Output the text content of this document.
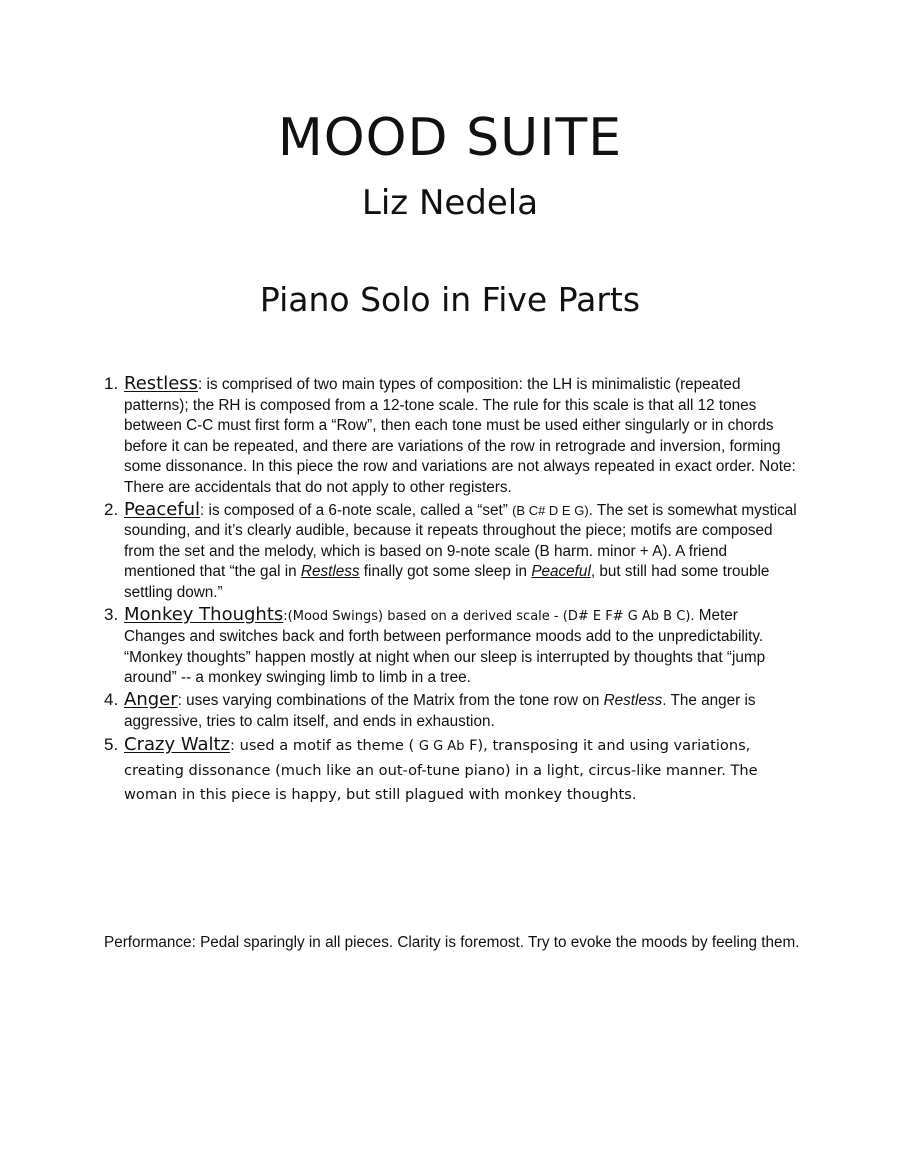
MOOD SUITE
Liz Nedela
Piano Solo in Five Parts
1. Restless: is comprised of two main types of composition: the LH is minimalistic (repeated patterns); the RH is composed from a 12-tone scale. The rule for this scale is that all 12 tones between C-C must first form a “Row”, then each tone must be used either singularly or in chords before it can be repeated, and there are variations of the row in retrograde and inversion, forming some dissonance. In this piece the row and variations are not always repeated in exact order. Note: There are accidentals that do not apply to other registers.
2. Peaceful: is composed of a 6-note scale, called a “set” (B C# D E G). The set is somewhat mystical sounding, and it’s clearly audible, because it repeats throughout the piece; motifs are composed from the set and the melody, which is based on 9-note scale (B harm. minor + A). A friend mentioned that “the gal in Restless finally got some sleep in Peaceful, but still had some trouble settling down.”
3. Monkey Thoughts:(Mood Swings) based on a derived scale - (D# E F# G Ab B C). Meter Changes and switches back and forth between performance moods add to the unpredictability. “Monkey thoughts” happen mostly at night when our sleep is interrupted by thoughts that “jump around” -- a monkey swinging limb to limb in a tree.
4. Anger: uses varying combinations of the Matrix from the tone row on Restless. The anger is aggressive, tries to calm itself, and ends in exhaustion.
5. Crazy Waltz: used a motif as theme ( G G Ab F), transposing it and using variations, creating dissonance (much like an out-of-tune piano) in a light, circus-like manner. The woman in this piece is happy, but still plagued with monkey thoughts.
Performance: Pedal sparingly in all pieces. Clarity is foremost. Try to evoke the moods by feeling them.
